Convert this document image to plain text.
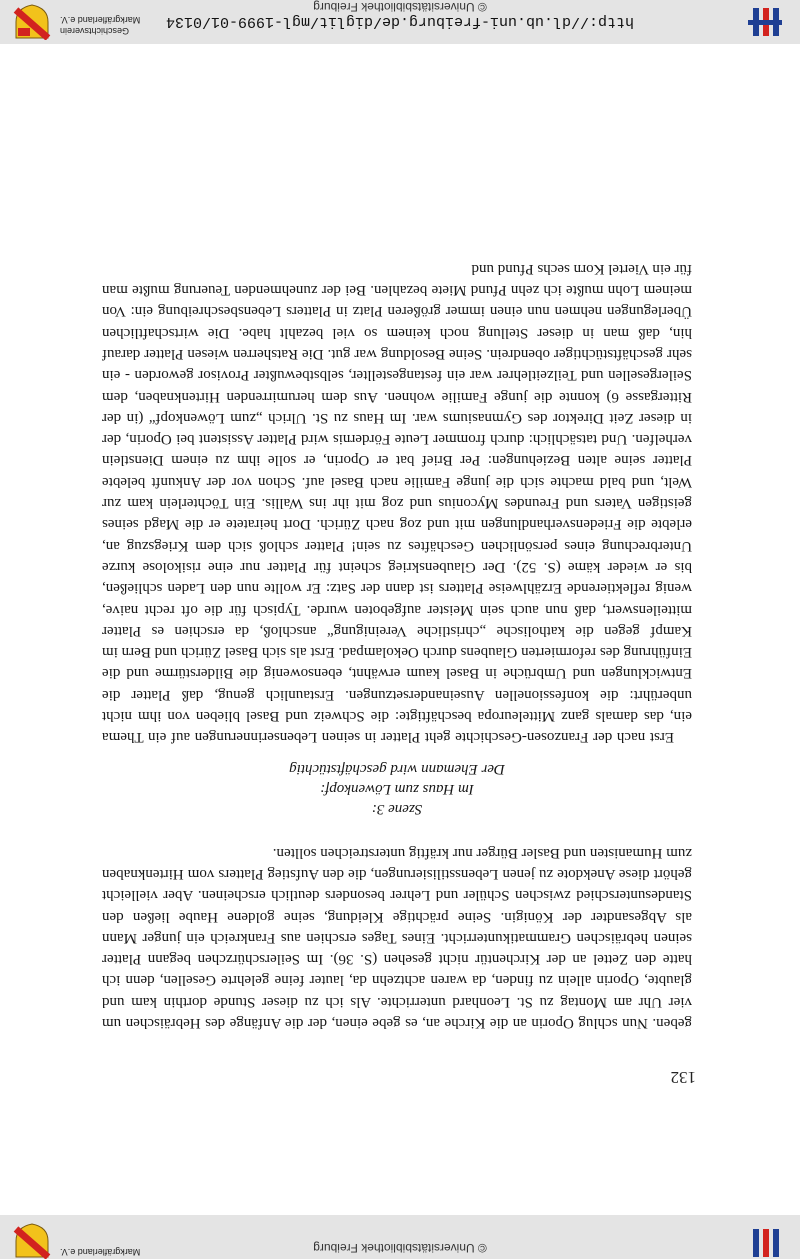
http://dl.ub.uni-freiburg.de/diglit/mgl-1999-01/0134
© Universitätsbibliothek Freiburg
Geschichtsverein Markgräflerland e.V.
© Universitätsbibliothek Freiburg
Markgräflerland e.V.
132

geben. Nun schlug Oporin an die Kirche an, es gebe einen, der die Anfänge des Hebräischen um vier Uhr am Montag zu St. Leonhard unterrichte. Als ich zu dieser Stunde dorthin kam und glaubte, Oporin allein zu finden, da waren achtzehn da, lauter feine gelehrte Gesellen, denn ich hatte den Zettel an der Kirchentür nicht gesehen (S. 36). Im Seilerschürzchen begann Platter seinen hebräischen Grammatikunterricht. Eines Tages erschien aus Frankreich ein junger Mann als Abgesandter der Königin. Seine prächtige Kleidung, seine goldene Haube ließen den Standesunterschied zwischen Schüler und Lehrer besonders deutlich erscheinen. Aber vielleicht gehört diese Anekdote zu jenen Lebensstilisierungen, die den Aufstieg Platters vom Hirtenknaben zum Humanisten und Basler Bürger nur kräftig unterstreichen sollten.

Szene 3:

Im Haus zum Löwenkopf:

Der Ehemann wird geschäftstüchtig

Erst nach der Franzosen-Geschichte geht Platter in seinen Lebenserinnerungen auf ein Thema ein, das damals ganz Mitteleuropa beschäftigte: die Schweiz und Basel blieben von ihm nicht unberührt: die konfessionellen Auseinandersetzungen. Erstaunlich genug, daß Platter die Entwicklungen und Umbrüche in Basel kaum erwähnt, ebensowenig die Bilderstürme und die Einführung des reformierten Glaubens durch Oekolampad. Erst als sich Basel Zürich und Bern im Kampf gegen die katholische „christliche Vereinigung“ anschloß, da erschien es Platter mitteilenswert, daß nun auch sein Meister aufgeboten wurde. Typisch für die oft recht naive, wenig reflektierende Erzählweise Platters ist dann der Satz: Er wollte nun den Laden schließen, bis er wieder käme (S. 52). Der Glaubenskrieg scheint für Platter nur eine risikolose kurze Unterbrechung eines persönlichen Geschäftes zu sein! Platter schloß sich dem Kriegszug an, erlebte die Friedensverhandlungen mit und zog nach Zürich. Dort heiratete er die Magd seines geistigen Vaters und Freundes Myconius und zog mit ihr ins Wallis. Ein Töchterlein kam zur Welt, und bald machte sich die junge Familie nach Basel auf. Schon vor der Ankunft belebte Platter seine alten Beziehungen: Per Brief bat er Oporin, er solle ihm zu einem Dienstlein verhelfen. Und tatsächlich: durch frommer Leute Fördernis wird Platter Assistent bei Oporin, der in dieser Zeit Direktor des Gymnasiums war. Im Haus zu St. Ulrich „zum Löwenkopf“ (in der Rittergasse 6) konnte die junge Familie wohnen. Aus dem herumirrenden Hirtenknaben, dem Seilergesellen und Teilzeitlehrer war ein festangestellter, selbstbewußter Provisor geworden - ein sehr geschäftstüchtiger obendrein. Seine Besoldung war gut. Die Ratsherren wiesen Platter darauf hin, daß man in dieser Stellung noch keinem so viel bezahlt habe. Die wirtschaftlichen Überlegungen nehmen nun einen immer größeren Platz in Platters Lebensbeschreibung ein: Von meinem Lohn mußte ich zehn Pfund Miete bezahlen. Bei der zunehmenden Teuerung mußte man für ein Viertel Korn sechs Pfund und
